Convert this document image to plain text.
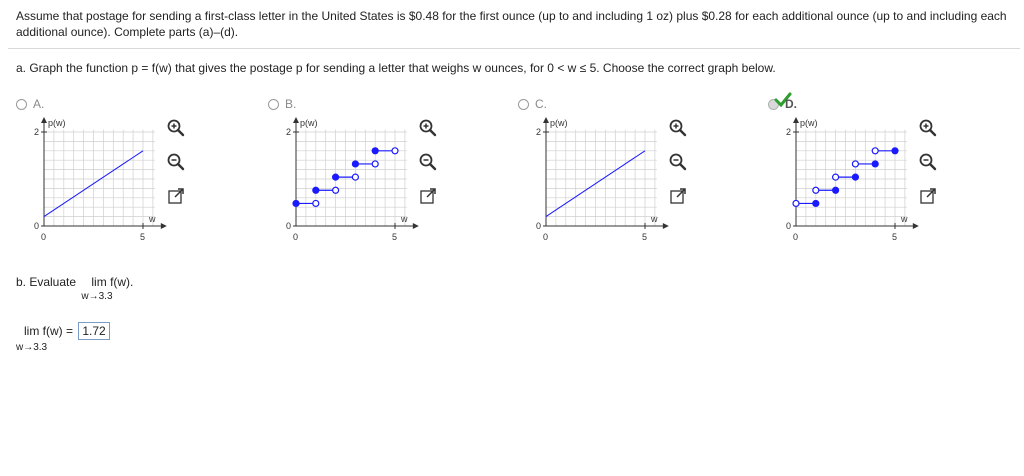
Assume that postage for sending a first-class letter in the United States is $0.48 for the first ounce (up to and including 1 oz) plus $0.28 for each additional ounce (up to and including each additional ounce). Complete parts (a)–(d).
a. Graph the function p = f(w) that gives the postage p for sending a letter that weighs w ounces, for 0 < w ≤ 5. Choose the correct graph below.
A.
p(w)
w
2
0
0	5
B.
p(w)
w
2
0
0	5
C.
p(w)
w
2
0
0	5
D.
p(w)
w
2
0
0	5
b. Evaluate lim f(w).
w→3.3
lim f(w) = 1.72
w→3.3
